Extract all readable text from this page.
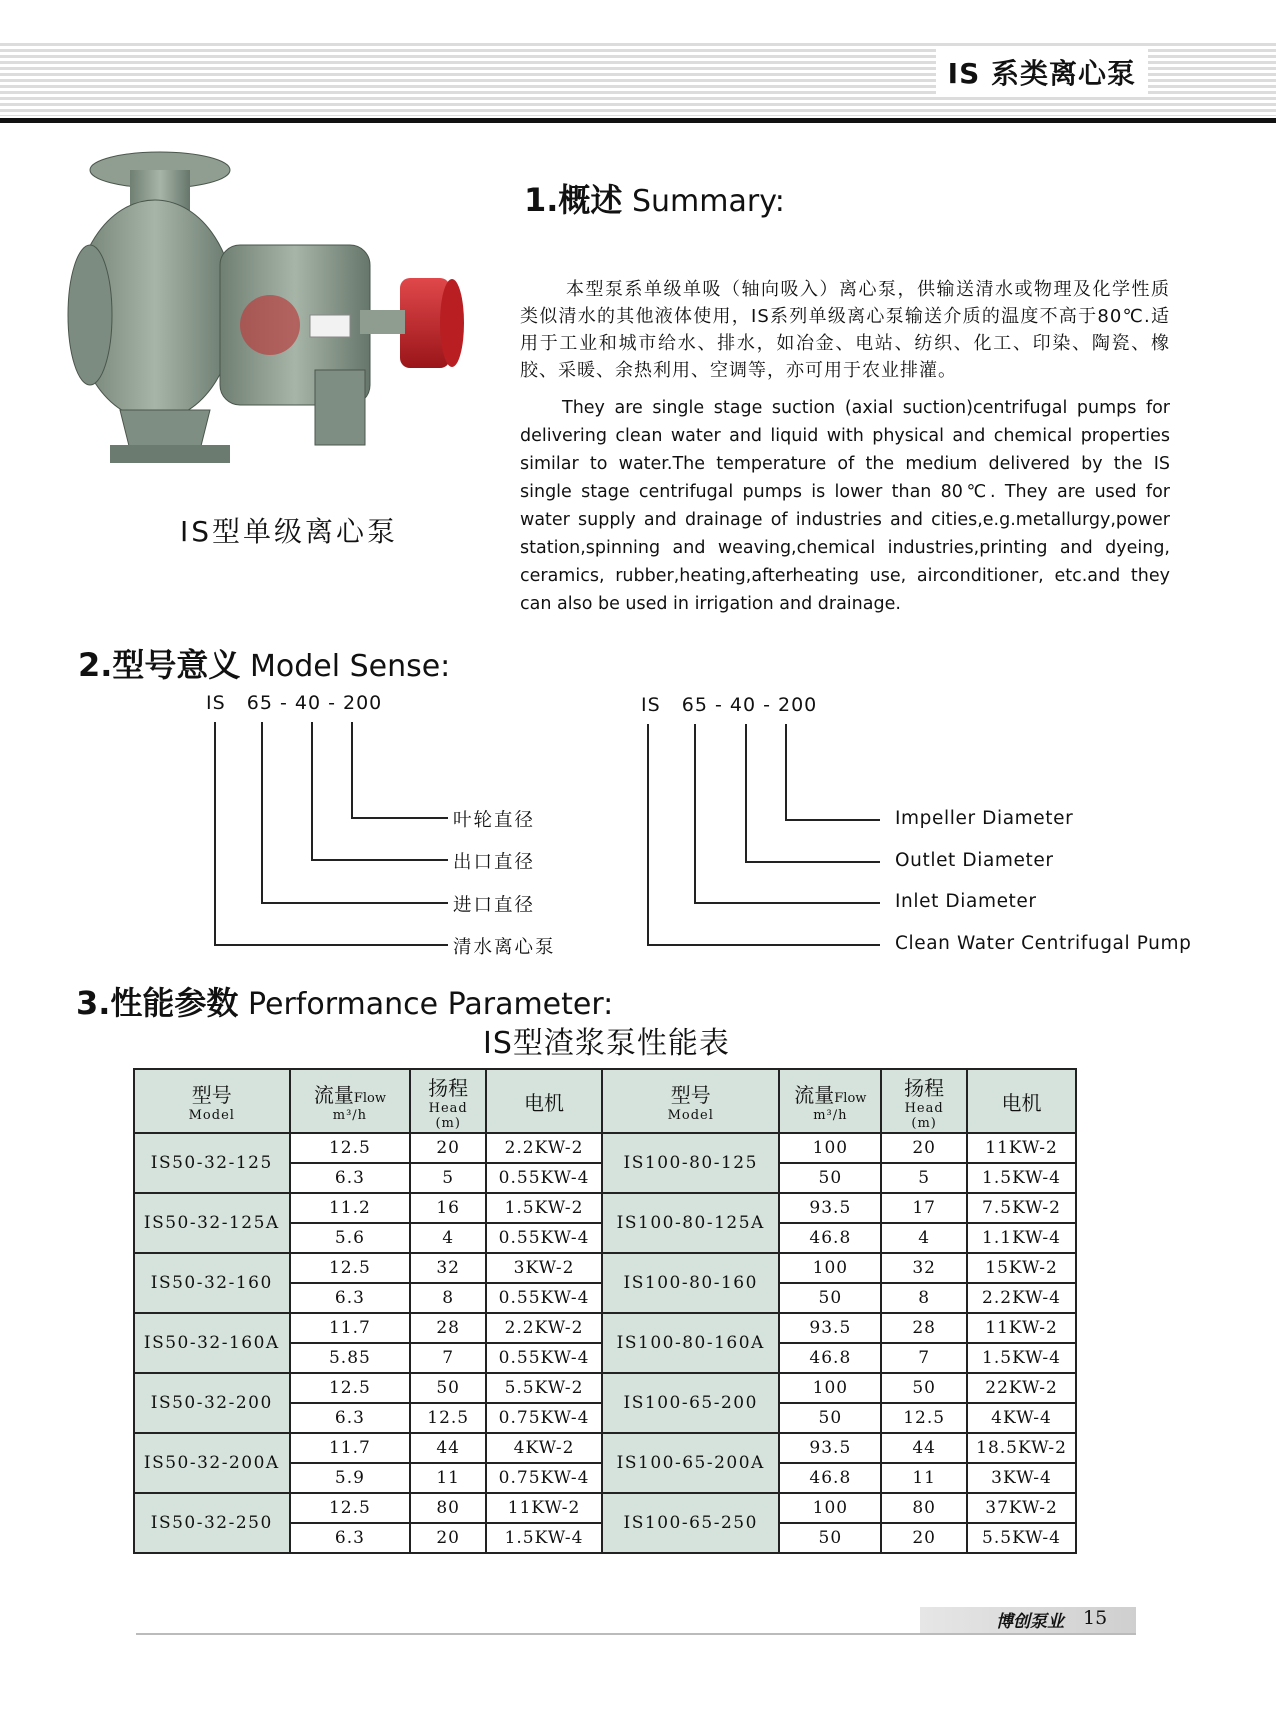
IS 系类离心泵
IS型单级离心泵
1.概述 Summary:
本型泵系单级单吸（轴向吸入）离心泵，供输送清水或物理及化学性质类似清水的其他液体使用，IS系列单级离心泵输送介质的温度不高于80℃.适用于工业和城市给水、排水，如冶金、电站、纺织、化工、印染、陶瓷、橡胶、采暖、余热利用、空调等，亦可用于农业排灌。
They are single stage suction (axial suction)centrifugal pumps for delivering clean water and liquid with physical and chemical properties similar to water.The temperature of the medium delivered by the IS single stage centrifugal pumps is lower than 80℃. They are used for water supply and drainage of industries and cities,e.g.metallurgy,power station,spinning and weaving,chemical industries,printing and dyeing, ceramics, rubber,heating,afterheating use, airconditioner, etc.and they can also be used in irrigation and drainage.
2.型号意义 Model Sense:
IS   65 - 40 - 200	IS   65 - 40 - 200
叶轮直径
出口直径
进口直径
清水离心泵
Impeller Diameter
Outlet Diameter
Inlet Diameter
Clean Water Centrifugal Pump
3.性能参数 Performance Parameter:
IS型渣浆泵性能表
型号
Model	流量Flow
m³/h	扬程
Head
(m)	电机	型号
Model	流量Flow
m³/h	扬程
Head
(m)	电机

IS50-32-125	12.5	20	2.2KW-2	IS100-80-125	100	20	11KW-2
	6.3	5	0.55KW-4		50	5	1.5KW-4
IS50-32-125A	11.2	16	1.5KW-2	IS100-80-125A	93.5	17	7.5KW-2
	5.6	4	0.55KW-4		46.8	4	1.1KW-4
IS50-32-160	12.5	32	3KW-2	IS100-80-160	100	32	15KW-2
	6.3	8	0.55KW-4		50	8	2.2KW-4
IS50-32-160A	11.7	28	2.2KW-2	IS100-80-160A	93.5	28	11KW-2
	5.85	7	0.55KW-4		46.8	7	1.5KW-4
IS50-32-200	12.5	50	5.5KW-2	IS100-65-200	100	50	22KW-2
	6.3	12.5	0.75KW-4		50	12.5	4KW-4
IS50-32-200A	11.7	44	4KW-2	IS100-65-200A	93.5	44	18.5KW-2
	5.9	11	0.75KW-4		46.8	11	3KW-4
IS50-32-250	12.5	80	11KW-2	IS100-65-250	100	80	37KW-2
	6.3	20	1.5KW-4		50	20	5.5KW-4
博创泵业 15
